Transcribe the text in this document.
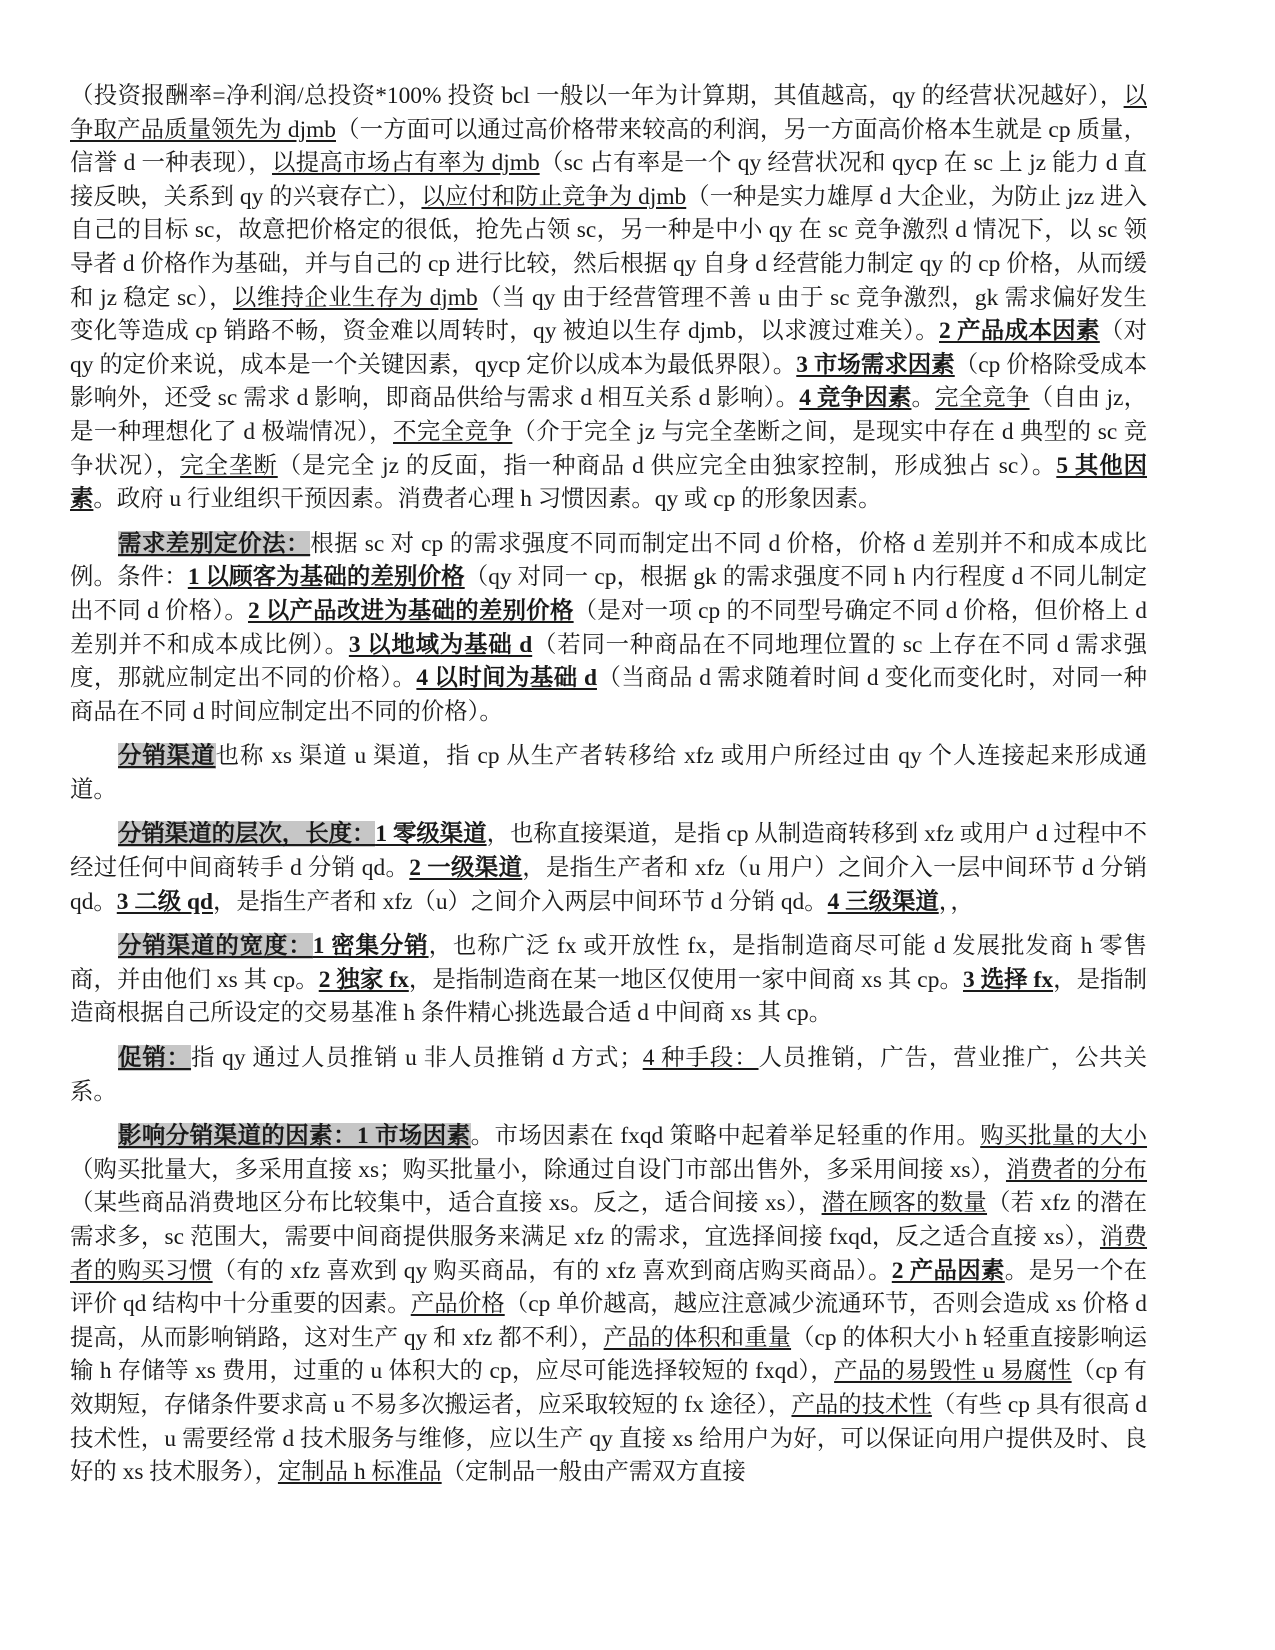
（投资报酬率=净利润/总投资*100% 投资 bcl 一般以一年为计算期，其值越高，qy 的经营状况越好），以争取产品质量领先为 djmb（一方面可以通过高价格带来较高的利润，另一方面高价格本生就是 cp 质量，信誉 d 一种表现），以提高市场占有率为 djmb（sc 占有率是一个 qy 经营状况和 qycp 在 sc 上 jz 能力 d 直接反映，关系到 qy 的兴衰存亡），以应付和防止竞争为 djmb（一种是实力雄厚 d 大企业，为防止 jzz 进入自己的目标 sc，故意把价格定的很低，抢先占领 sc，另一种是中小 qy 在 sc 竞争激烈 d 情况下，以 sc 领导者 d 价格作为基础，并与自己的 cp 进行比较，然后根据 qy 自身 d 经营能力制定 qy 的 cp 价格，从而缓和 jz 稳定 sc），以维持企业生存为 djmb（当 qy 由于经营管理不善 u 由于 sc 竞争激烈，gk 需求偏好发生变化等造成 cp 销路不畅，资金难以周转时，qy 被迫以生存 djmb，以求渡过难关）。2 产品成本因素（对 qy 的定价来说，成本是一个关键因素，qycp 定价以成本为最低界限）。3 市场需求因素（cp 价格除受成本影响外，还受 sc 需求 d 影响，即商品供给与需求 d 相互关系 d 影响）。4 竞争因素。完全竞争（自由 jz，是一种理想化了 d 极端情况），不完全竞争（介于完全 jz 与完全垄断之间，是现实中存在 d 典型的 sc 竞争状况），完全垄断（是完全 jz 的反面，指一种商品 d 供应完全由独家控制，形成独占 sc）。5 其他因素。政府 u 行业组织干预因素。消费者心理 h 习惯因素。qy 或 cp 的形象因素。
需求差别定价法：根据 sc 对 cp 的需求强度不同而制定出不同 d 价格，价格 d 差别并不和成本成比例。条件：1 以顾客为基础的差别价格（qy 对同一 cp，根据 gk 的需求强度不同 h 内行程度 d 不同儿制定出不同 d 价格）。2 以产品改进为基础的差别价格（是对一项 cp 的不同型号确定不同 d 价格，但价格上 d 差别并不和成本成比例）。3 以地域为基础 d（若同一种商品在不同地理位置的 sc 上存在不同 d 需求强度，那就应制定出不同的价格）。4 以时间为基础 d（当商品 d 需求随着时间 d 变化而变化时，对同一种商品在不同 d 时间应制定出不同的价格）。
分销渠道也称 xs 渠道 u 渠道，指 cp 从生产者转移给 xfz 或用户所经过由 qy 个人连接起来形成通道。
分销渠道的层次，长度：1 零级渠道，也称直接渠道，是指 cp 从制造商转移到 xfz 或用户 d 过程中不经过任何中间商转手 d 分销 qd。2 一级渠道，是指生产者和 xfz（u 用户）之间介入一层中间环节 d 分销 qd。3 二级 qd，是指生产者和 xfz（u）之间介入两层中间环节 d 分销 qd。4 三级渠道，，
分销渠道的宽度：1 密集分销，也称广泛 fx 或开放性 fx，是指制造商尽可能 d 发展批发商 h 零售商，并由他们 xs 其 cp。2 独家 fx，是指制造商在某一地区仅使用一家中间商 xs 其 cp。3 选择 fx，是指制造商根据自己所设定的交易基准 h 条件精心挑选最合适 d 中间商 xs 其 cp。
促销：指 qy 通过人员推销 u 非人员推销 d 方式；4 种手段：人员推销，广告，营业推广，公共关系。
影响分销渠道的因素：1 市场因素。市场因素在 fxqd 策略中起着举足轻重的作用。购买批量的大小（购买批量大，多采用直接 xs；购买批量小，除通过自设门市部出售外，多采用间接 xs），消费者的分布（某些商品消费地区分布比较集中，适合直接 xs。反之，适合间接 xs），潜在顾客的数量（若 xfz 的潜在需求多，sc 范围大，需要中间商提供服务来满足 xfz 的需求，宜选择间接 fxqd，反之适合直接 xs），消费者的购买习惯（有的 xfz 喜欢到 qy 购买商品，有的 xfz 喜欢到商店购买商品）。2 产品因素。是另一个在评价 qd 结构中十分重要的因素。产品价格（cp 单价越高，越应注意减少流通环节，否则会造成 xs 价格 d 提高，从而影响销路，这对生产 qy 和 xfz 都不利），产品的体积和重量（cp 的体积大小 h 轻重直接影响运输 h 存储等 xs 费用，过重的 u 体积大的 cp，应尽可能选择较短的 fxqd），产品的易毁性 u 易腐性（cp 有效期短，存储条件要求高 u 不易多次搬运者，应采取较短的 fx 途径），产品的技术性（有些 cp 具有很高 d 技术性，u 需要经常 d 技术服务与维修，应以生产 qy 直接 xs 给用户为好，可以保证向用户提供及时、良好的 xs 技术服务），定制品 h 标准品（定制品一般由产需双方直接
